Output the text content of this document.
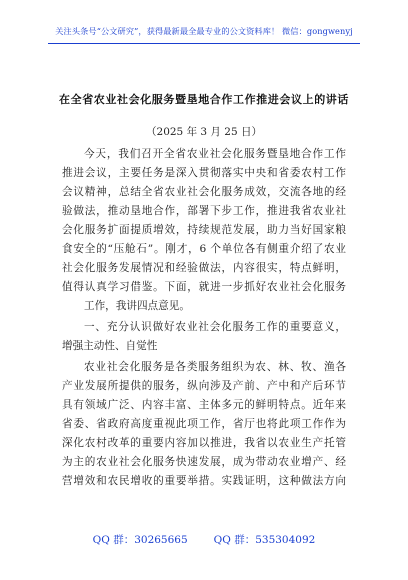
关注头条号“公文研究”，获得最新最全最专业的公文资料库！ 微信：gongwenyj
在全省农业社会化服务暨垦地合作工作推进会议上的讲话
（2025 年 3 月 25 日）
今天，我们召开全省农业社会化服务暨垦地合作工作
推进会议，主要任务是深入贯彻落实中央和省委农村工作
会议精神，总结全省农业社会化服务成效，交流各地的经
验做法，推动垦地合作，部署下步工作，推进我省农业社
会化服务扩面提质增效，持续规范发展，助力当好国家粮
食安全的“压舱石”。刚才，6 个单位各有侧重介绍了农业
社会化服务发展情况和经验做法，内容很实，特点鲜明，
值得认真学习借鉴。下面，就进一步抓好农业社会化服务
工作，我讲四点意见。
一、充分认识做好农业社会化服务工作的重要意义，
增强主动性、自觉性
农业社会化服务是各类服务组织为农、林、牧、渔各
产业发展所提供的服务，纵向涉及产前、产中和产后环节
具有领域广泛、内容丰富、主体多元的鲜明特点。近年来
省委、省政府高度重视此项工作，省厅也将此项工作作为
深化农村改革的重要内容加以推进，我省以农业生产托管
为主的农业社会化服务快速发展，成为带动农业增产、经
营增效和农民增收的重要举措。实践证明，这种做法方向
QQ 群：30265665 QQ 群：535304092
